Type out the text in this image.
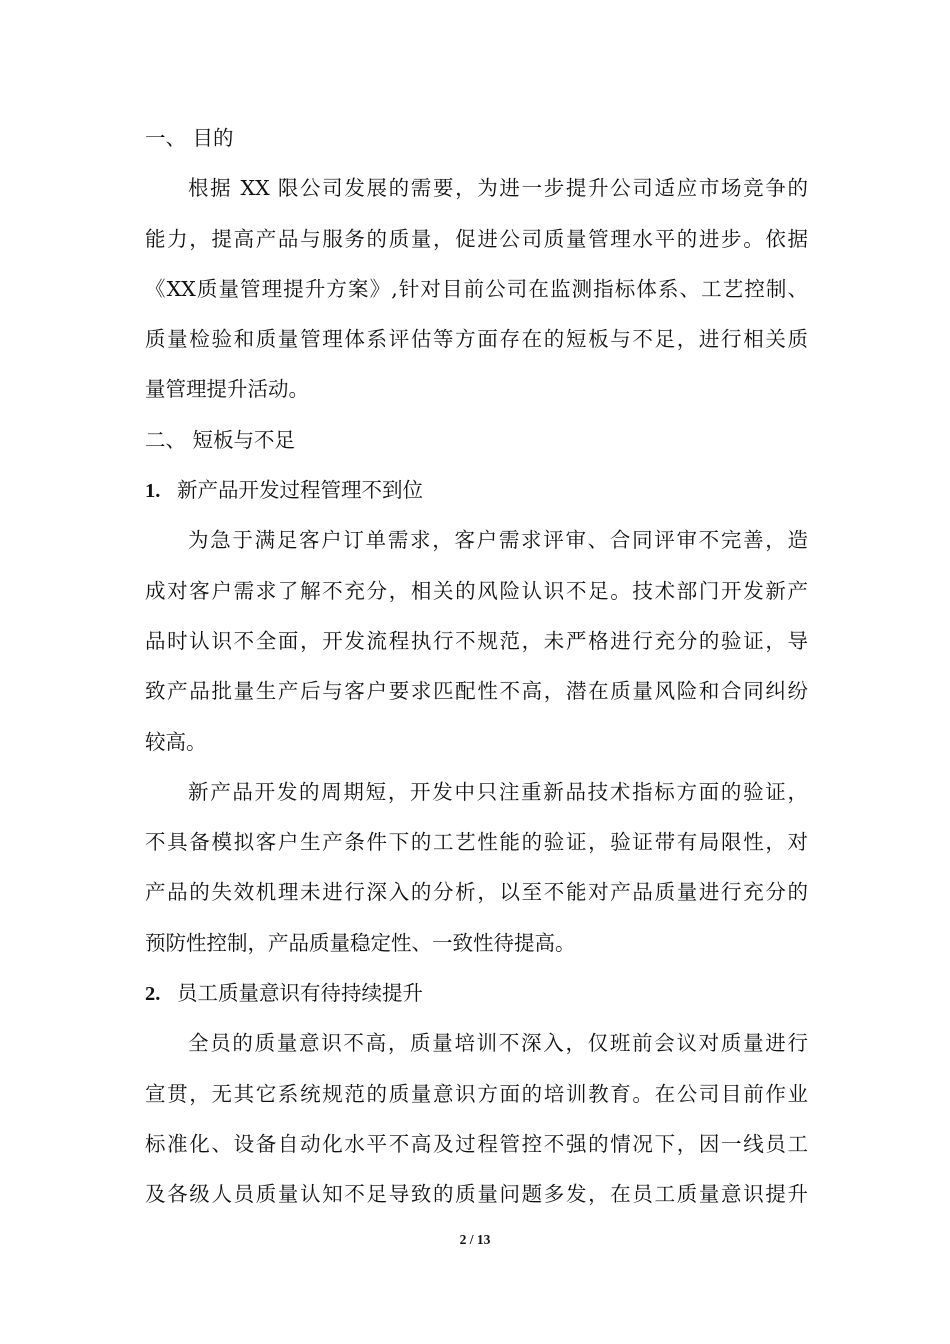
一、 目的
根据 XX 限公司发展的需要，为进一步提升公司适应市场竞争的
能力，提高产品与服务的质量，促进公司质量管理水平的进步。依据
《XX质量管理提升方案》,针对目前公司在监测指标体系、工艺控制、
质量检验和质量管理体系评估等方面存在的短板与不足，进行相关质
量管理提升活动。
二、 短板与不足
1. 新产品开发过程管理不到位
为急于满足客户订单需求，客户需求评审、合同评审不完善，造
成对客户需求了解不充分，相关的风险认识不足。技术部门开发新产
品时认识不全面，开发流程执行不规范，未严格进行充分的验证，导
致产品批量生产后与客户要求匹配性不高，潜在质量风险和合同纠纷
较高。
新产品开发的周期短，开发中只注重新品技术指标方面的验证，
不具备模拟客户生产条件下的工艺性能的验证，验证带有局限性，对
产品的失效机理未进行深入的分析，以至不能对产品质量进行充分的
预防性控制，产品质量稳定性、一致性待提高。
2. 员工质量意识有待持续提升
全员的质量意识不高，质量培训不深入，仅班前会议对质量进行
宣贯，无其它系统规范的质量意识方面的培训教育。在公司目前作业
标准化、设备自动化水平不高及过程管控不强的情况下，因一线员工
及各级人员质量认知不足导致的质量问题多发，在员工质量意识提升
2 / 13
